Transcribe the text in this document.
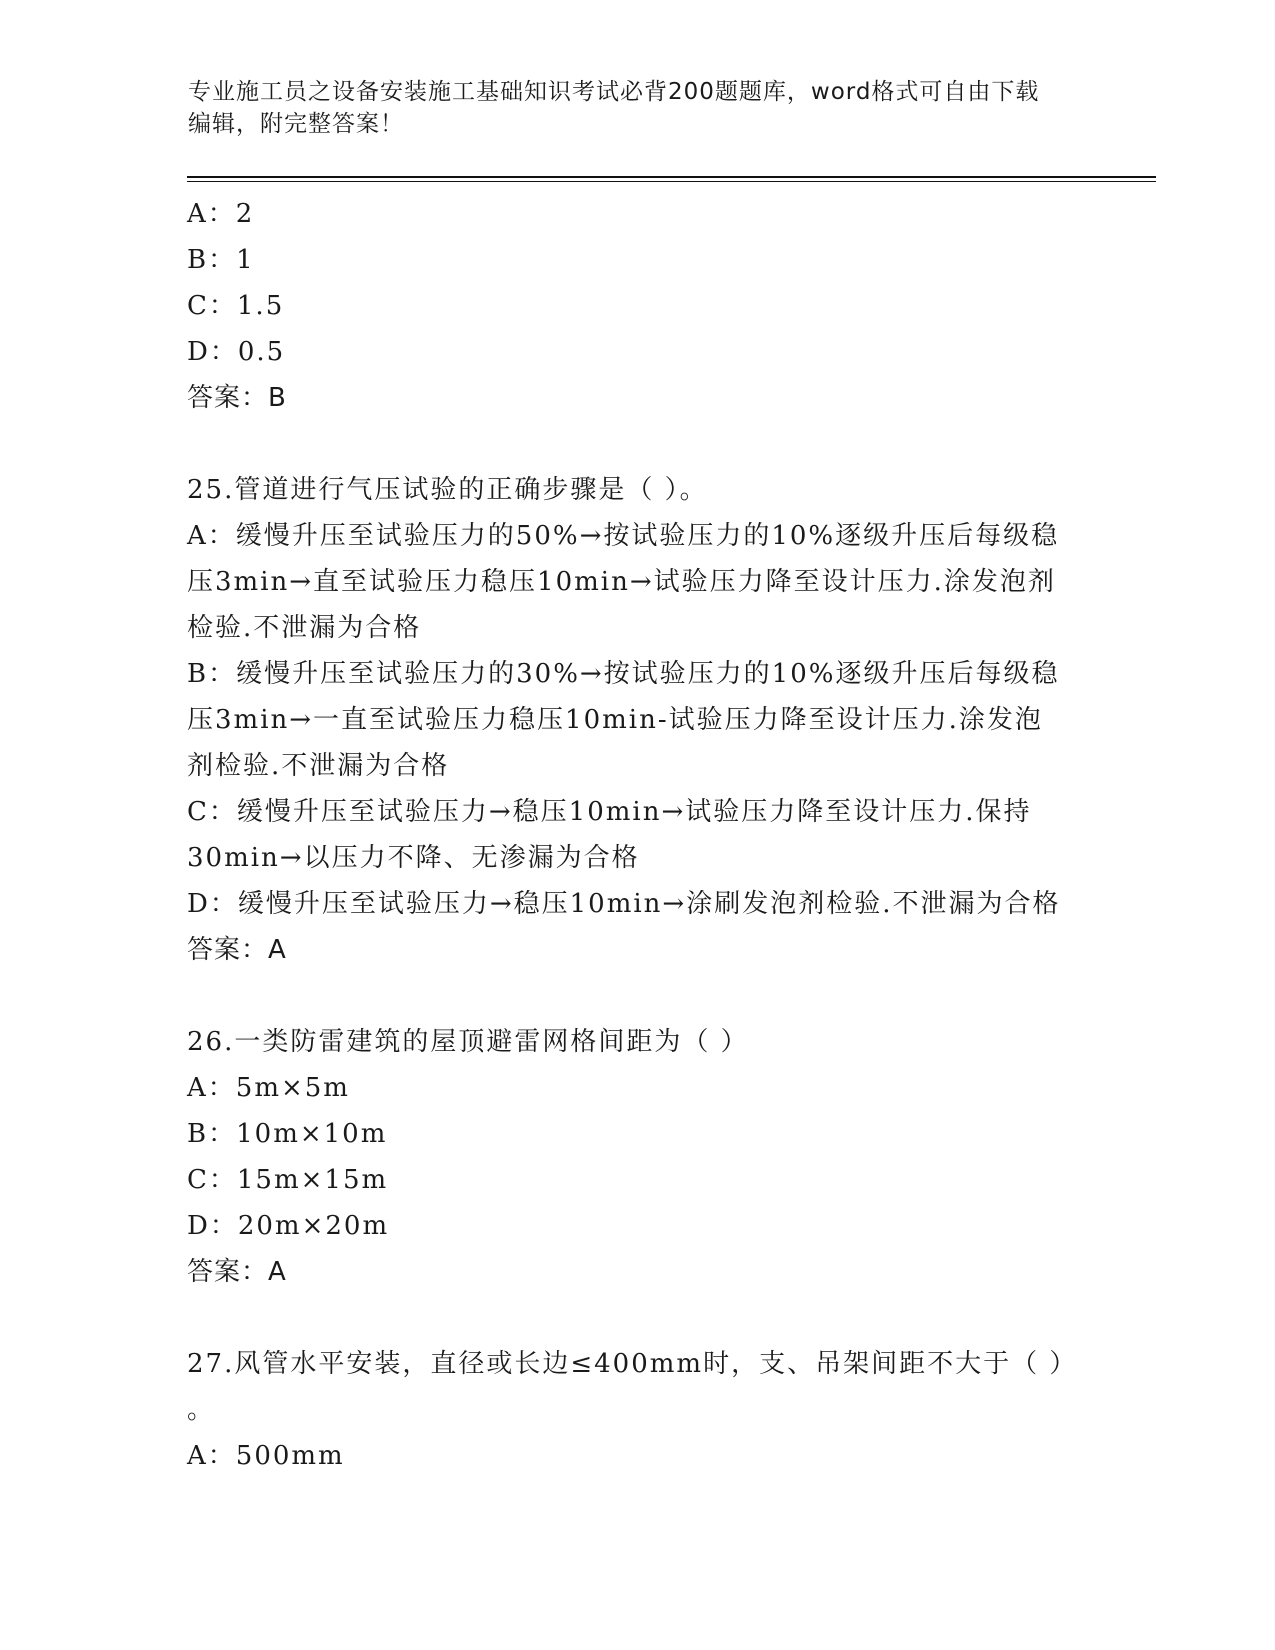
专业施工员之设备安装施工基础知识考试必背200题题库，word格式可自由下载
编辑，附完整答案！
A：2
B：1
C：1.5
D：0.5
答案：B
25.管道进行气压试验的正确步骤是（ ）。
A：缓慢升压至试验压力的50%→按试验压力的10%逐级升压后每级稳
压3min→直至试验压力稳压10min→试验压力降至设计压力.涂发泡剂
检验.不泄漏为合格
B：缓慢升压至试验压力的30%→按试验压力的10%逐级升压后每级稳
压3min→一直至试验压力稳压10min-试验压力降至设计压力.涂发泡
剂检验.不泄漏为合格
C：缓慢升压至试验压力→稳压10min→试验压力降至设计压力.保持
30min→以压力不降、无渗漏为合格
D：缓慢升压至试验压力→稳压10min→涂刷发泡剂检验.不泄漏为合格
答案：A
26.一类防雷建筑的屋顶避雷网格间距为（ ）
A：5m×5m
B：10m×10m
C：15m×15m
D：20m×20m
答案：A
27.风管水平安装，直径或长边≤400mm时，支、吊架间距不大于（ ）
。
A：500mm
